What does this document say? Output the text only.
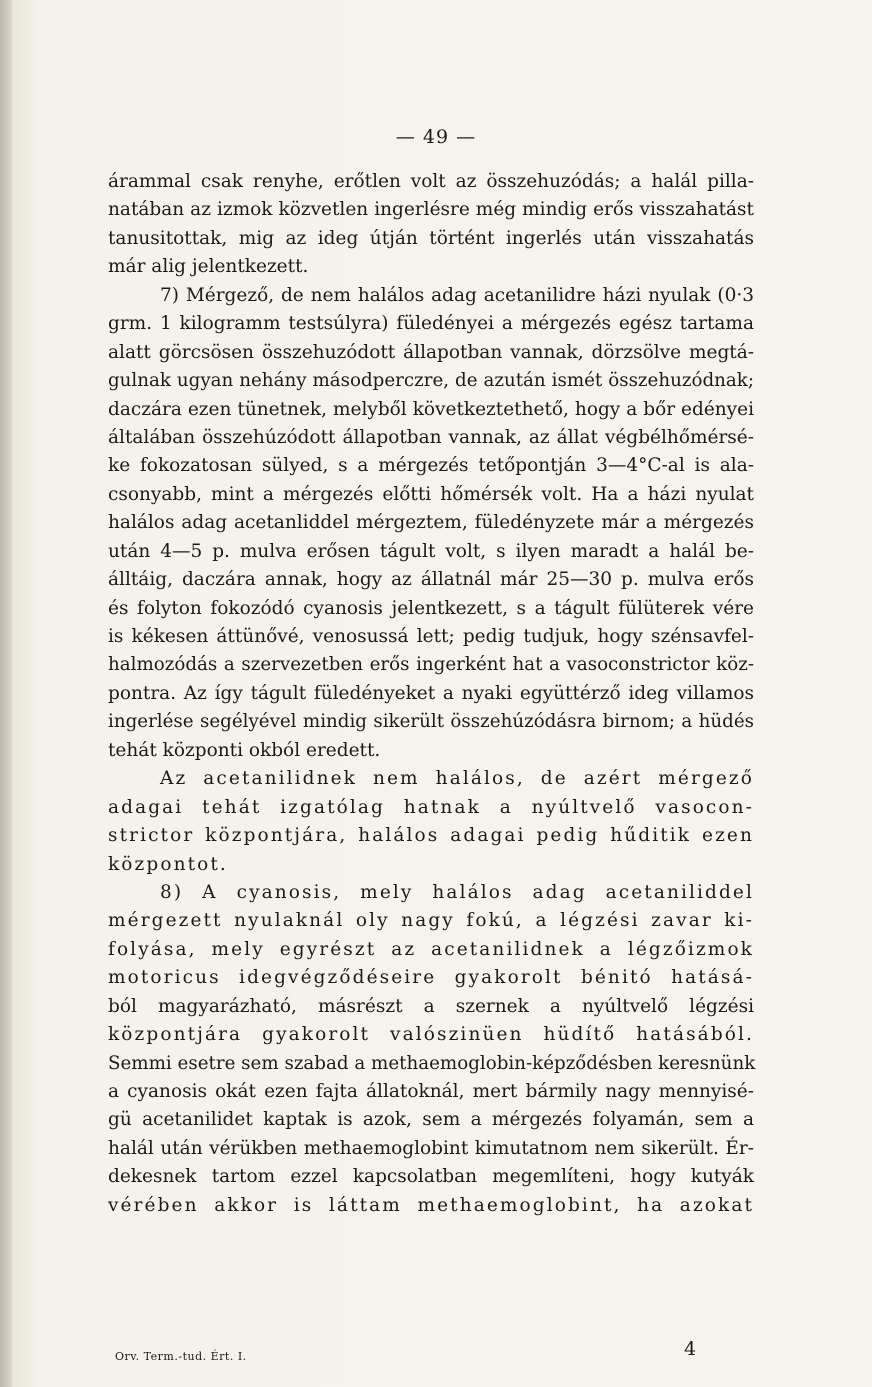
— 49 —
árammal csak renyhe, erőtlen volt az összehuzódás; a halál pilla-
natában az izmok közvetlen ingerlésre még mindig erős visszahatást
tanusitottak, mig az ideg útján történt ingerlés után visszahatás
már alig jelentkezett.
7) Mérgező, de nem halálos adag acetanilidre házi nyulak (0·3
grm. 1 kilogramm testsúlyra) füledényei a mérgezés egész tartama
alatt görcsösen összehuzódott állapotban vannak, dörzsölve megtá-
gulnak ugyan nehány másodperczre, de azután ismét összehuzódnak;
daczára ezen tünetnek, melyből következtethető, hogy a bőr edényei
általában összehúzódott állapotban vannak, az állat végbélhőmérsé-
ke fokozatosan sülyed, s a mérgezés tetőpontján 3—4°C-al is ala-
csonyabb, mint a mérgezés előtti hőmérsék volt. Ha a házi nyulat
halálos adag acetanliddel mérgeztem, füledényzete már a mérgezés
után 4—5 p. mulva erősen tágult volt, s ilyen maradt a halál be-
álltáig, daczára annak, hogy az állatnál már 25—30 p. mulva erős
és folyton fokozódó cyanosis jelentkezett, s a tágult fülüterek vére
is kékesen áttünővé, venosussá lett; pedig tudjuk, hogy szénsavfel-
halmozódás a szervezetben erős ingerként hat a vasoconstrictor köz-
pontra. Az így tágult füledényeket a nyaki együttérző ideg villamos
ingerlése segélyével mindig sikerült összehúzódásra birnom; a hüdés
tehát központi okból eredett.
Az acetanilidnek nem halálos, de azért mérgező
adagai tehát izgatólag hatnak a nyúltvelő vasocon-
strictor központjára, halálos adagai pedig hűditik ezen
központot.
8) A cyanosis, mely halálos adag acetaniliddel
mérgezett nyulaknál oly nagy fokú, a légzési zavar ki-
folyása, mely egyrészt az acetanilidnek a légzőizmok
motoricus idegvégződéseire gyakorolt bénitó hatásá-
ból magyarázható, másrészt a szernek a nyúltvelő légzési
központjára gyakorolt valószinüen hüdítő hatásából.
Semmi esetre sem szabad a methaemoglobin-képződésben keresnünk
a cyanosis okát ezen fajta állatoknál, mert bármily nagy mennyisé-
gü acetanilidet kaptak is azok, sem a mérgezés folyamán, sem a
halál után vérükben methaemoglobint kimutatnom nem sikerült. Ér-
dekesnek tartom ezzel kapcsolatban megemlíteni, hogy kutyák
vérében akkor is láttam methaemoglobint, ha azokat
Orv. Term.-tud. Ért. I.	4
